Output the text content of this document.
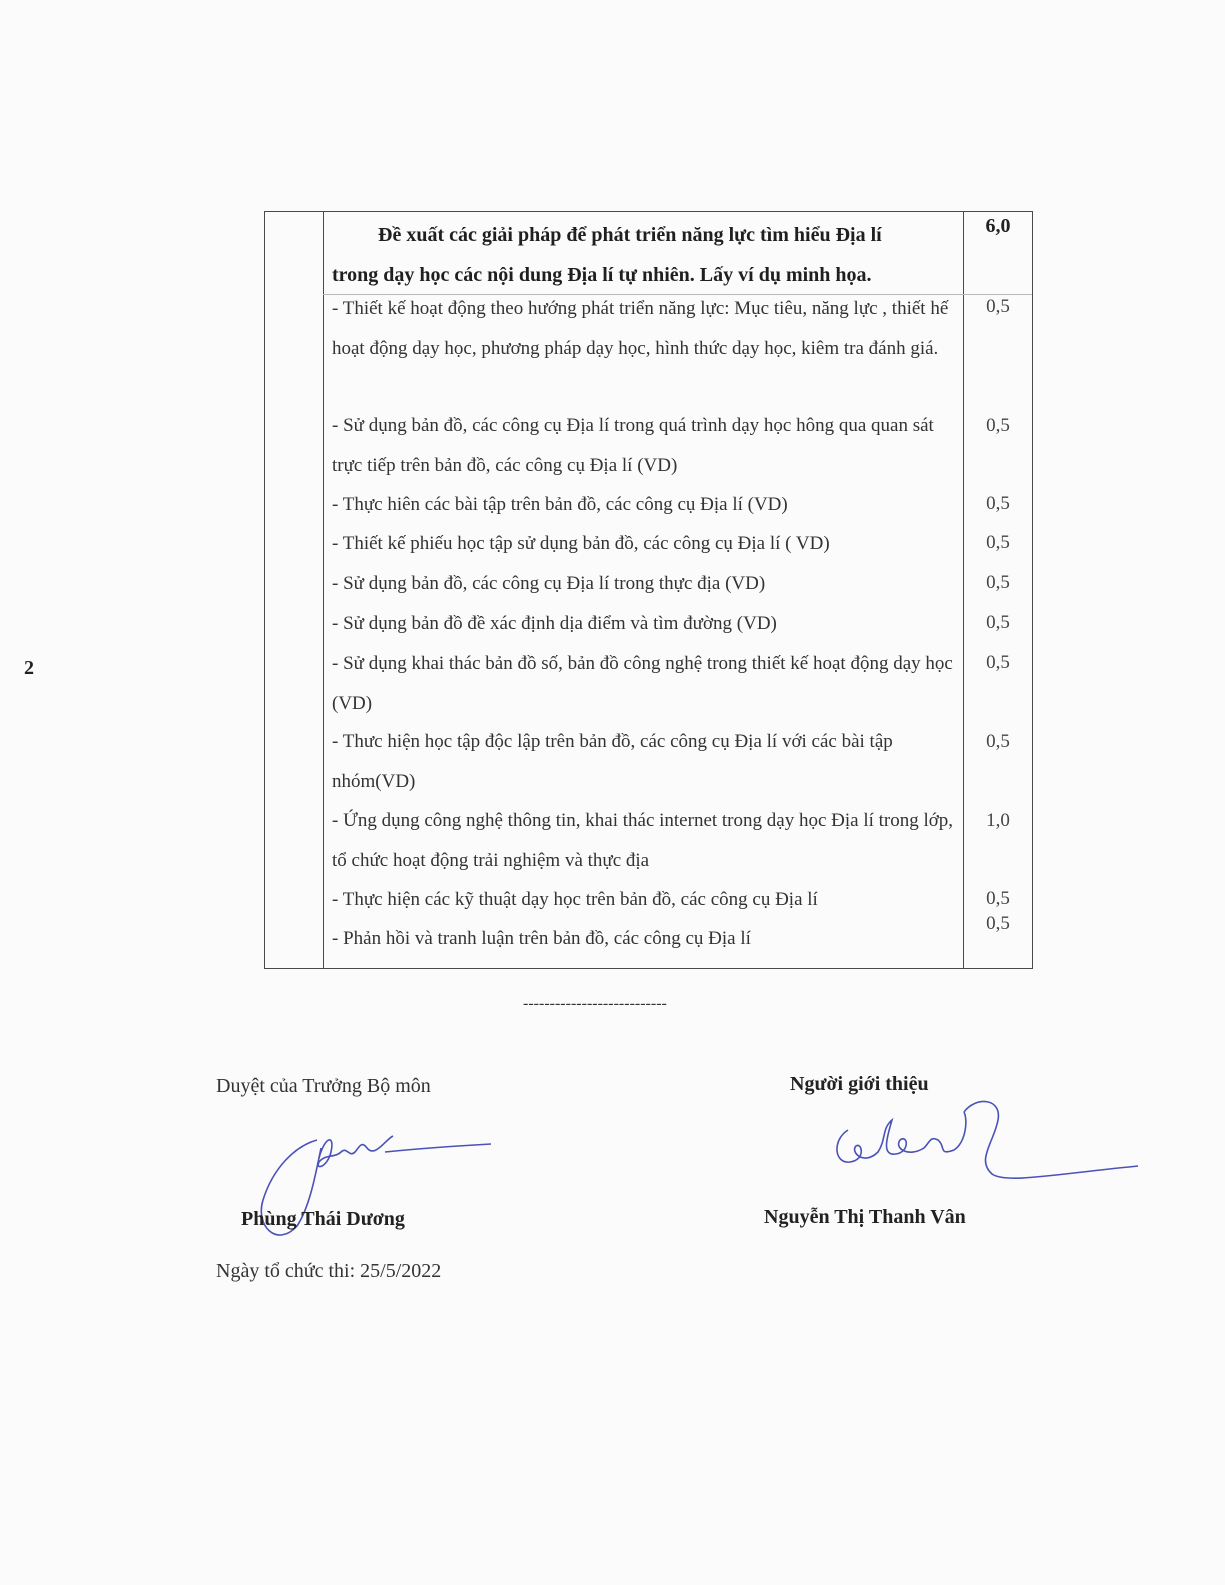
2
Đề xuất các giải pháp để phát triển năng lực tìm hiểu Địa lí
trong dạy học các nội dung Địa lí tự nhiên. Lấy ví dụ minh họa.
6,0
- Thiết kế hoạt động theo hướng phát triển năng lực: Mục tiêu, năng lực , thiết hế hoạt động dạy học, phương pháp dạy học, hình thức dạy học, kiêm tra đánh giá.
0,5
- Sử dụng bản đồ, các công cụ Địa lí trong quá trình dạy học hông qua quan sát trực tiếp trên bản đồ, các công cụ Địa lí (VD)
0,5
- Thực hiên các bài tập trên bản đồ, các công cụ Địa lí (VD)	0,5
- Thiết kế phiếu học tập sử dụng bản đồ, các công cụ Địa lí ( VD)	0,5
- Sử dụng bản đồ, các công cụ Địa lí trong thực địa (VD)	0,5
- Sử dụng bản đồ đề xác định dịa điểm và tìm đường (VD)	0,5
- Sử dụng khai thác bản đồ số, bản đồ công nghệ trong thiết kế hoạt động dạy học (VD)
0,5
- Thưc hiện học tập độc lập trên bản đồ, các công cụ Địa lí với các bài tập nhóm(VD)
0,5
- Ứng dụng công nghệ thông tin, khai thác internet trong dạy học Địa lí trong lớp, tổ chức hoạt động trải nghiệm và thực địa
1,0
- Thực hiện các kỹ thuật dạy học trên bản đồ, các công cụ Địa lí	0,5
- Phản hồi và tranh luận trên bản đồ, các công cụ Địa lí
0,5
---------------------------
Duyệt của Trưởng Bộ môn
Phùng Thái Dương
Ngày tổ chức thi: 25/5/2022
Người giới thiệu
Nguyễn Thị Thanh Vân
